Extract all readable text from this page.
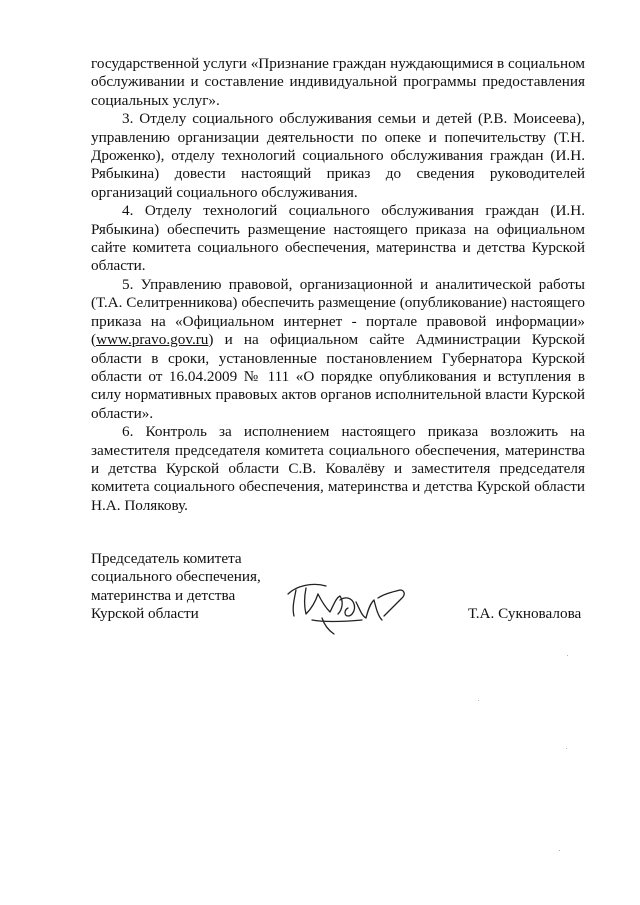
государственной услуги «Признание граждан нуждающимися в социальном обслуживании и составление индивидуальной программы предоставления социальных услуг».

3. Отделу социального обслуживания семьи и детей (Р.В. Моисеева), управлению организации деятельности по опеке и попечительству (Т.Н. Дроженко), отделу технологий социального обслуживания граждан (И.Н. Рябыкина) довести настоящий приказ до сведения руководителей организаций социального обслуживания.

4. Отделу технологий социального обслуживания граждан (И.Н. Рябыкина) обеспечить размещение настоящего приказа на официальном сайте комитета социального обеспечения, материнства и детства Курской области.

5. Управлению правовой, организационной и аналитической работы (Т.А. Селитренникова) обеспечить размещение (опубликование) настоящего приказа на «Официальном интернет - портале правовой информации» (www.pravo.gov.ru) и на официальном сайте Администрации Курской области в сроки, установленные постановлением Губернатора Курской области от 16.04.2009 № 111 «О порядке опубликования и вступления в силу нормативных правовых актов органов исполнительной власти Курской области».

6. Контроль за исполнением настоящего приказа возложить на заместителя председателя комитета социального обеспечения, материнства и детства Курской области С.В. Ковалёву и заместителя председателя комитета социального обеспечения, материнства и детства Курской области Н.А. Полякову.

Председатель комитета
социального обеспечения,
материнства и детства
Курской области	Т.А. Сукновалова
